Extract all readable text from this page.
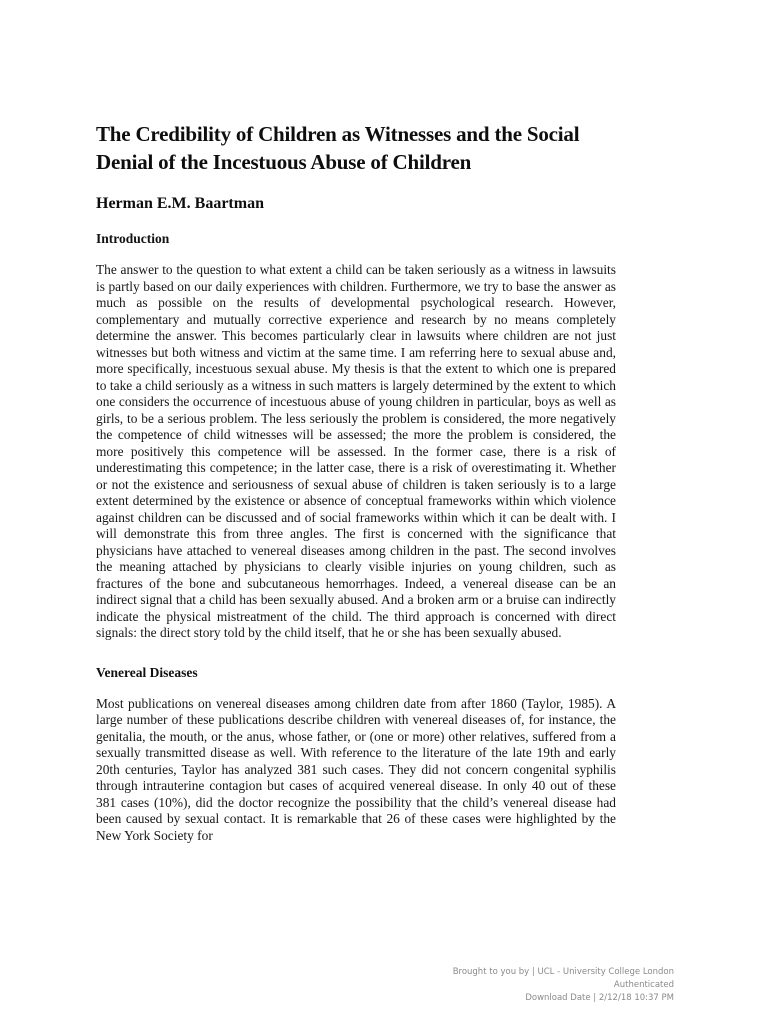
The Credibility of Children as Witnesses and the Social Denial of the Incestuous Abuse of Children
Herman E.M. Baartman
Introduction

The answer to the question to what extent a child can be taken seriously as a witness in lawsuits is partly based on our daily experiences with children. Furthermore, we try to base the answer as much as possible on the results of developmental psychological research. However, complementary and mutually corrective experience and research by no means completely determine the answer. This becomes particularly clear in lawsuits where children are not just witnesses but both witness and victim at the same time. I am referring here to sexual abuse and, more specifically, incestuous sexual abuse. My thesis is that the extent to which one is prepared to take a child seriously as a witness in such matters is largely determined by the extent to which one considers the occurrence of incestuous abuse of young children in particular, boys as well as girls, to be a serious problem. The less seriously the problem is considered, the more negatively the competence of child witnesses will be assessed; the more the problem is considered, the more positively this competence will be assessed. In the former case, there is a risk of underestimating this competence; in the latter case, there is a risk of overestimating it. Whether or not the existence and seriousness of sexual abuse of children is taken seriously is to a large extent determined by the existence or absence of conceptual frameworks within which violence against children can be discussed and of social frameworks within which it can be dealt with. I will demonstrate this from three angles. The first is concerned with the significance that physicians have attached to venereal diseases among children in the past. The second involves the meaning attached by physicians to clearly visible injuries on young children, such as fractures of the bone and subcutaneous hemorrhages. Indeed, a venereal disease can be an indirect signal that a child has been sexually abused. And a broken arm or a bruise can indirectly indicate the physical mistreatment of the child. The third approach is concerned with direct signals: the direct story told by the child itself, that he or she has been sexually abused.

Venereal Diseases

Most publications on venereal diseases among children date from after 1860 (Taylor, 1985). A large number of these publications describe children with venereal diseases of, for instance, the genitalia, the mouth, or the anus, whose father, or (one or more) other relatives, suffered from a sexually transmitted disease as well. With reference to the literature of the late 19th and early 20th centuries, Taylor has analyzed 381 such cases. They did not concern congenital syphilis through intrauterine contagion but cases of acquired venereal disease. In only 40 out of these 381 cases (10%), did the doctor recognize the possibility that the child’s venereal disease had been caused by sexual contact. It is remarkable that 26 of these cases were highlighted by the New York Society for

Brought to you by | UCL - University College London
Authenticated
Download Date | 2/12/18 10:37 PM
